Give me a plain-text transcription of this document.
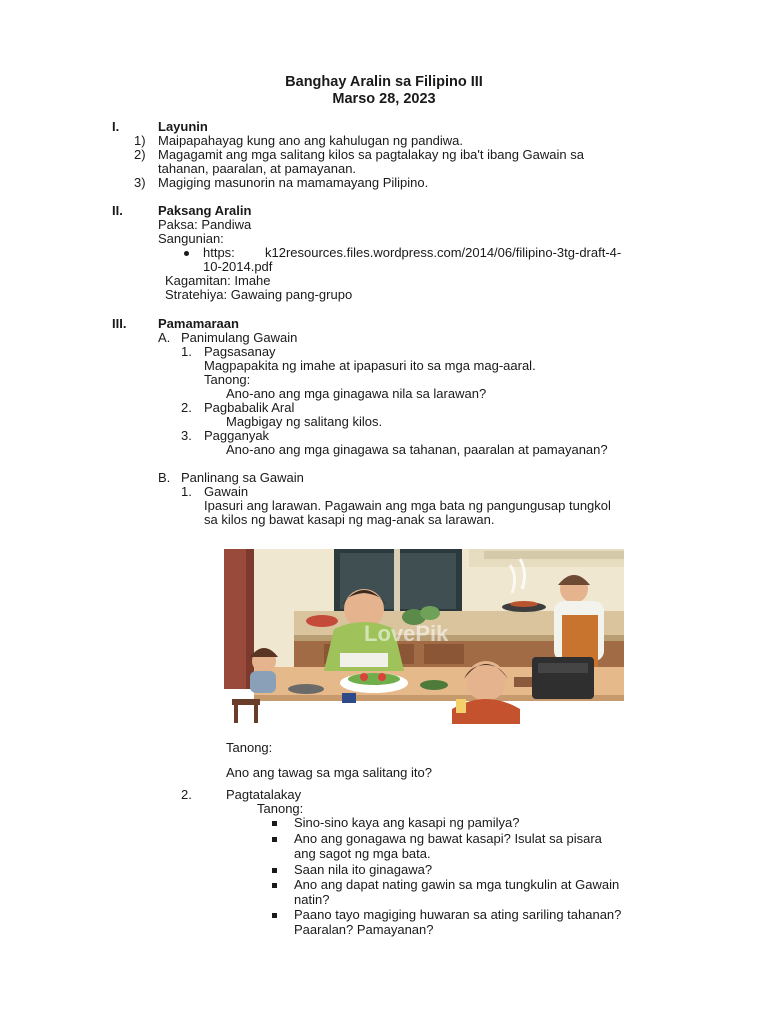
Banghay Aralin sa Filipino III
Marso 28, 2023
I.	Layunin
1) Maipapahayag kung ano ang kahulugan ng pandiwa.
2) Magagamit ang mga salitang kilos sa pagtalakay ng iba't ibang Gawain sa
tahanan, paaralan, at pamayanan.
3) Magiging masunorin na mamamayang Pilipino.
II.	Paksang Aralin
Paksa: Pandiwa
Sangunian:
https: k12resources.files.wordpress.com/2014/06/filipino-3tg-draft-4-
10-2014.pdf
Kagamitan: Imahe
Stratehiya: Gawaing pang-grupo
III. Pamamaraan
A. Panimulang Gawain
1. Pagsasanay
Magpapakita ng imahe at ipapasuri ito sa mga mag-aaral.
Tanong:
Ano-ano ang mga ginagawa nila sa larawan?
2. Pagbabalik Aral
Magbigay ng salitang kilos.
3. Pagganyak
Ano-ano ang mga ginagawa sa tahanan, paaralan at pamayanan?
B. Panlinang sa Gawain
1. Gawain
Ipasuri ang larawan. Pagawain ang mga bata ng pangungusap tungkol
sa kilos ng bawat kasapi ng mag-anak sa larawan.
LovePik
Tanong:
Ano ang tawag sa mga salitang ito?
2.	Pagtatalakay
Tanong:
Sino-sino kaya ang kasapi ng pamilya?
Ano ang gonagawa ng bawat kasapi? Isulat sa pisara
ang sagot ng mga bata.
Saan nila ito ginagawa?
Ano ang dapat nating gawin sa mga tungkulin at Gawain
natin?
Paano tayo magiging huwaran sa ating sariling tahanan?
Paaralan? Pamayanan?
